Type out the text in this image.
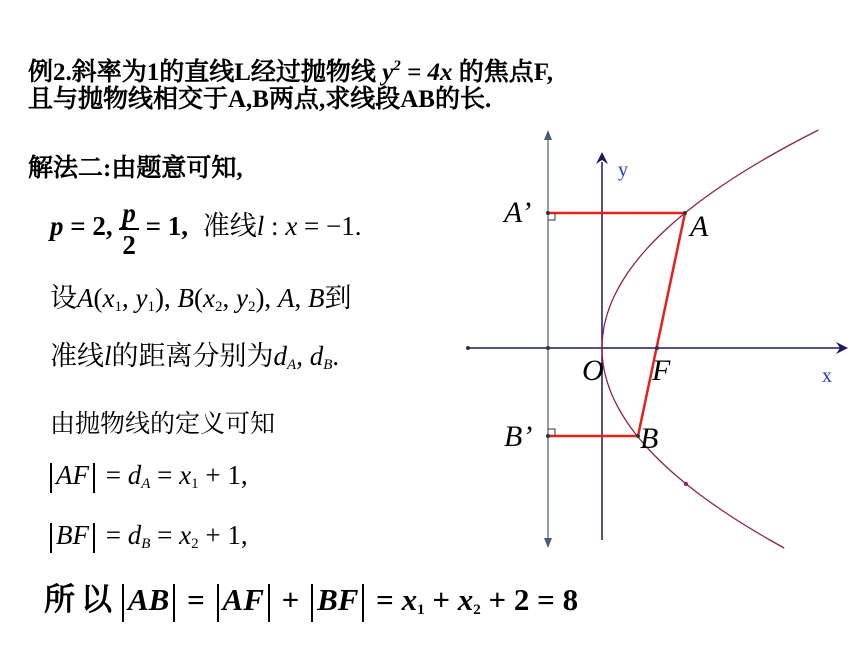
例2.斜率为1的直线L经过抛物线 $y^2 = 4x$ 的焦点F,
且与抛物线相交于A,B两点,求线段AB的长.
解法二:由题意可知,
p = 2, $\frac{p}{2} = 1$, 准线l : x = −1.
设$A(x_1$, $y_1$), $B(x_2$, $y_2$), A, B到
准线l的距离分别为$d_A$, $d_B$.
由抛物线的定义可知
AF = $d_A = x_1 + 1$,
BF = $d_B = x_2 + 1$,
所以 AB = AF + BF = $x_1 + x_2 + 2 = 8$
y
x
O F
A
B
A’
B’
